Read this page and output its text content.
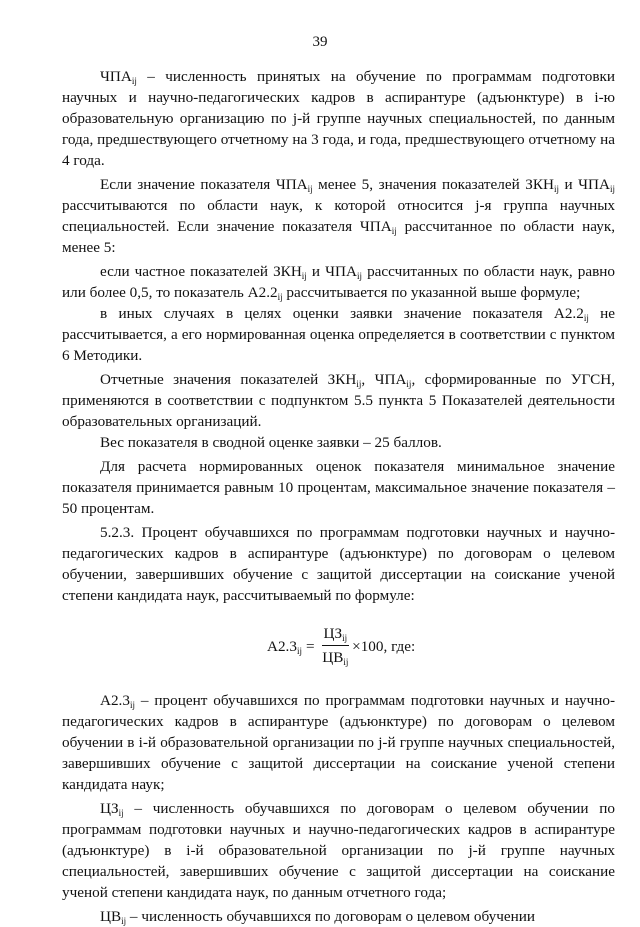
39

$ЧПА_{ij}$ – численность принятых на обучение по программам подготовки научных и научно-педагогических кадров в аспирантуре (адъюнктуре) в i-ю образовательную организацию по j-й группе научных специальностей, по данным года, предшествующего отчетному на 3 года, и года, предшествующего отчетному на 4 года.

Если значение показателя $ЧПА_{ij}$ менее 5, значения показателей $ЗКН_{ij}$ и $ЧПА_{ij}$ рассчитываются по области наук, к которой относится j-я группа научных специальностей. Если значение показателя $ЧПА_{ij}$ рассчитанное по области наук, менее 5:

если частное показателей $ЗКН_{ij}$ и $ЧПА_{ij}$ рассчитанных по области наук, равно или более 0,5, то показатель $А2.2_{ij}$ рассчитывается по указанной выше формуле;

в иных случаях в целях оценки заявки значение показателя $А2.2_{ij}$ не рассчитывается, а его нормированная оценка определяется в соответствии с пунктом 6 Методики.

Отчетные значения показателей $ЗКН_{ij}$, $ЧПА_{ij}$, сформированные по УГСН, применяются в соответствии с подпунктом 5.5 пункта 5 Показателей деятельности образовательных организаций.

Вес показателя в сводной оценке заявки – 25 баллов.

Для расчета нормированных оценок показателя минимальное значение показателя принимается равным 10 процентам, максимальное значение показателя – 50 процентам.

5.2.3. Процент обучавшихся по программам подготовки научных и научно-педагогических кадров в аспирантуре (адъюнктуре) по договорам о целевом обучении, завершивших обучение с защитой диссертации на соискание ученой степени кандидата наук, рассчитываемый по формуле:

$А2.3_{ij} = \frac{ЦЗ_{ij}}{ЦВ_{ij}} \times 100$, где:

$А2.3_{ij}$ – процент обучавшихся по программам подготовки научных и научно-педагогических кадров в аспирантуре (адъюнктуре) по договорам о целевом обучении в i-й образовательной организации по j-й группе научных специальностей, завершивших обучение с защитой диссертации на соискание ученой степени кандидата наук;

$ЦЗ_{ij}$ – численность обучавшихся по договорам о целевом обучении по программам подготовки научных и научно-педагогических кадров в аспирантуре (адъюнктуре) в i-й образовательной организации по j-й группе научных специальностей, завершивших обучение с защитой диссертации на соискание ученой степени кандидата наук, по данным отчетного года;

$ЦВ_{ij}$ – численность обучавшихся по договорам о целевом обучении
